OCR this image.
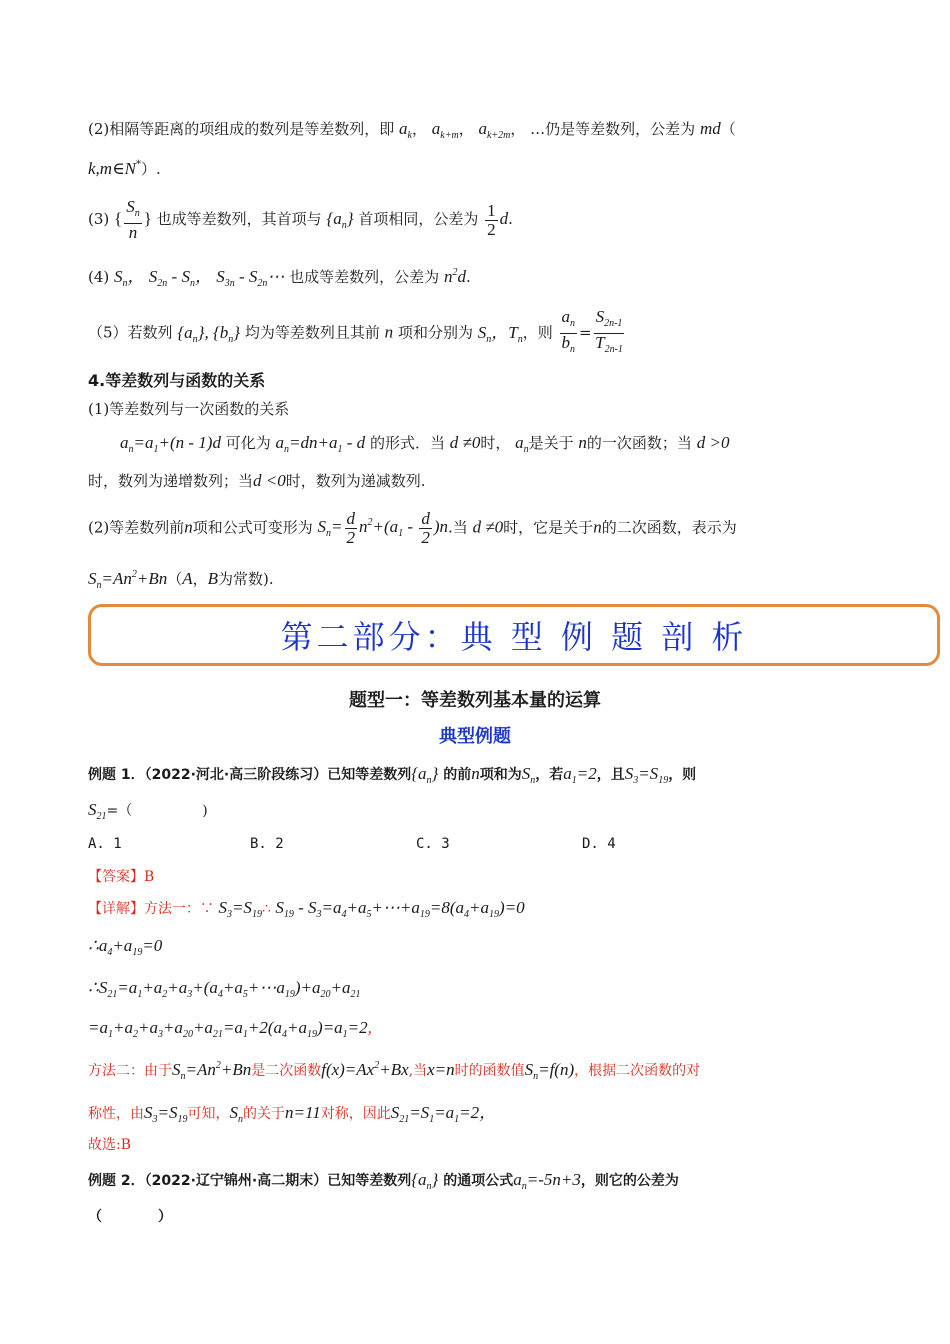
(2)相隔等距离的项组成的数列是等差数列，即 $a_k$， $a_{k+m}$， $a_{k+2m}$， …仍是等差数列，公差为 md（
k,m∈N*）.
(3) { $\frac{S_n}{n}$ } 也成等差数列，其首项与 $\{a_n\}$ 首项相同，公差为 $\frac{1}{2} d$.
(4) $S_n$， $S_{2n} - S_n$， $S_{3n}$ - $S_{2n}\cdots$ 也成等差数列，公差为 $n^2d$.
（5）若数列 $\{a_n\}$, $\{b_n\}$ 均为等差数列且其前 n 项和分别为 $S_n$，$T_n$，则 $\frac{a_n}{b_n} = \frac{S_{2n-1}}{T_{2n-1}}$
4.等差数列与函数的关系
(1)等差数列与一次函数的关系
$a_n=a_1+(n - 1)d$ 可化为 $a_n=dn+a_1 - d$ 的形式．当 d ≠0时， $a_n$是关于 n的一次函数；当 d >0
时，数列为递增数列；当d <0时，数列为递减数列.
(2)等差数列前n项和公式可变形为 $S_n= \frac{d}{2} n^2+(a_1 - \frac{d}{2} )n$.当 d ≠0时，它是关于n的二次函数，表示为
$S_n=An^2+Bn(A$，B为常数).
第二部分：典 型 例 题 剖 析
题型一：等差数列基本量的运算
典型例题
例题 1．（2022·河北·高三阶段练习）已知等差数列$\{a_n\}$ 的前n项和为$S_n$，若$a_1=2$，且$S_3=S_{19}$，则
$S_{21}=$（　　　　　)
A. 1	B. 2	C. 3	D. 4
【答案】B
【详解】方法一：∵ $S_3=S_{19}\therefore$ $S_{19}$ - $S_3=a_4+a_5+\cdots+a_{19}=8(a_4+a_{19})=0$
$\therefore a_4+a_{19}=0$
$\therefore S_{21}=a_1+a_2+a_3+(a_4+a_5+\cdots a_{19})+a_{20}+a_{21}$
$=a_1+a_2+a_3+a_{20}+a_{21}=a_1+2(a_4+a_{19})=a_1=2$,
方法二：由于$S_n=An^2+Bn$是二次函数$f(x)=Ax^2+Bx$,当x=n时的函数值$S_n=f(n)$，根据二次函数的对
称性，由$S_3=S_{19}$可知，$S_n$的关于n=11对称，因此$S_{21}=S_1=a_1=2$，
故选:B
例题 2．（2022·辽宁锦州·高二期末）已知等差数列$\{a_n\}$ 的通项公式$a_n=-5n+3$，则它的公差为
（　　　　）
